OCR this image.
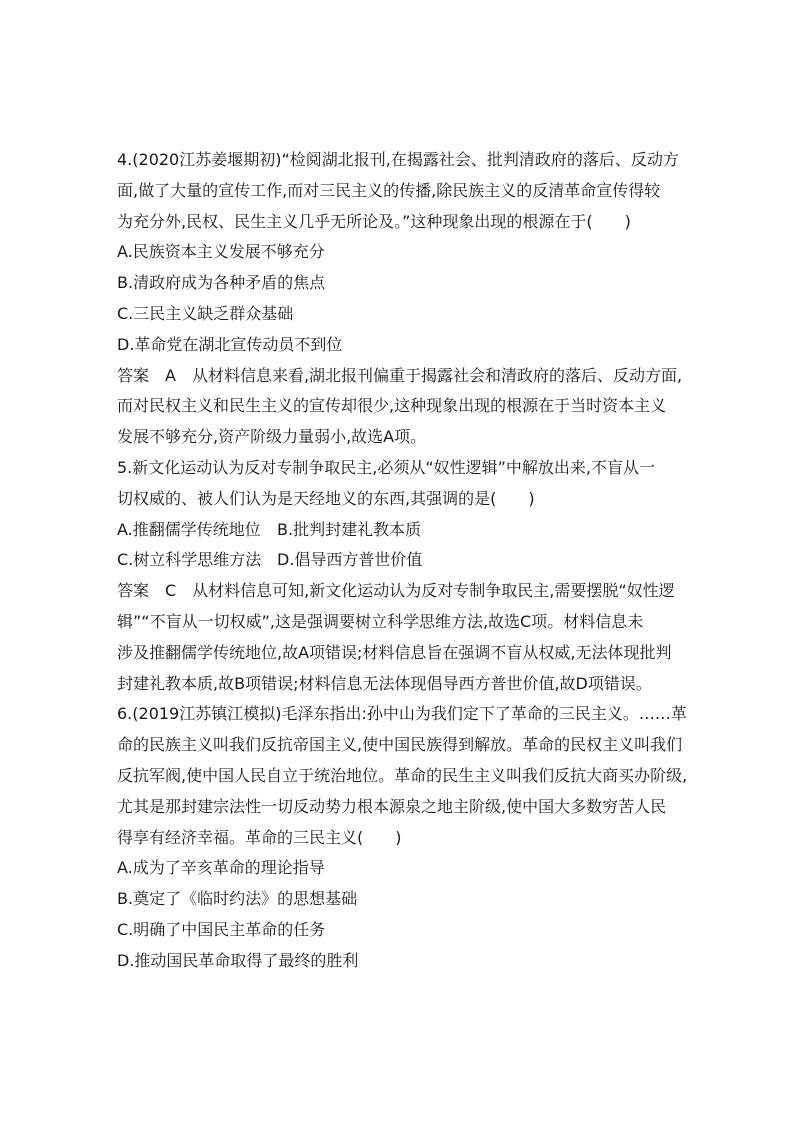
4.(2020江苏姜堰期初)“检阅湖北报刊,在揭露社会、批判清政府的落后、反动方
面,做了大量的宣传工作,而对三民主义的传播,除民族主义的反清革命宣传得较
为充分外,民权、民生主义几乎无所论及。”这种现象出现的根源在于(　　)
A.民族资本主义发展不够充分
B.清政府成为各种矛盾的焦点
C.三民主义缺乏群众基础
D.革命党在湖北宣传动员不到位
答案　A　从材料信息来看,湖北报刊偏重于揭露社会和清政府的落后、反动方面,
而对民权主义和民生主义的宣传却很少,这种现象出现的根源在于当时资本主义
发展不够充分,资产阶级力量弱小,故选A项。
5.新文化运动认为反对专制争取民主,必须从“奴性逻辑”中解放出来,不盲从一
切权威的、被人们认为是天经地义的东西,其强调的是(　　)
A.推翻儒学传统地位	B.批判封建礼教本质
C.树立科学思维方法 D.倡导西方普世价值
答案　C　从材料信息可知,新文化运动认为反对专制争取民主,需要摆脱“奴性逻
辑”“不盲从一切权威”,这是强调要树立科学思维方法,故选C项。材料信息未
涉及推翻儒学传统地位,故A项错误;材料信息旨在强调不盲从权威,无法体现批判
封建礼教本质,故B项错误;材料信息无法体现倡导西方普世价值,故D项错误。
6.(2019江苏镇江模拟)毛泽东指出:孙中山为我们定下了革命的三民主义。……革
命的民族主义叫我们反抗帝国主义,使中国民族得到解放。革命的民权主义叫我们
反抗军阀,使中国人民自立于统治地位。革命的民生主义叫我们反抗大商买办阶级,
尤其是那封建宗法性一切反动势力根本源泉之地主阶级,使中国大多数穷苦人民
得享有经济幸福。革命的三民主义(　　)
A.成为了辛亥革命的理论指导
B.奠定了《临时约法》的思想基础
C.明确了中国民主革命的任务
D.推动国民革命取得了最终的胜利
